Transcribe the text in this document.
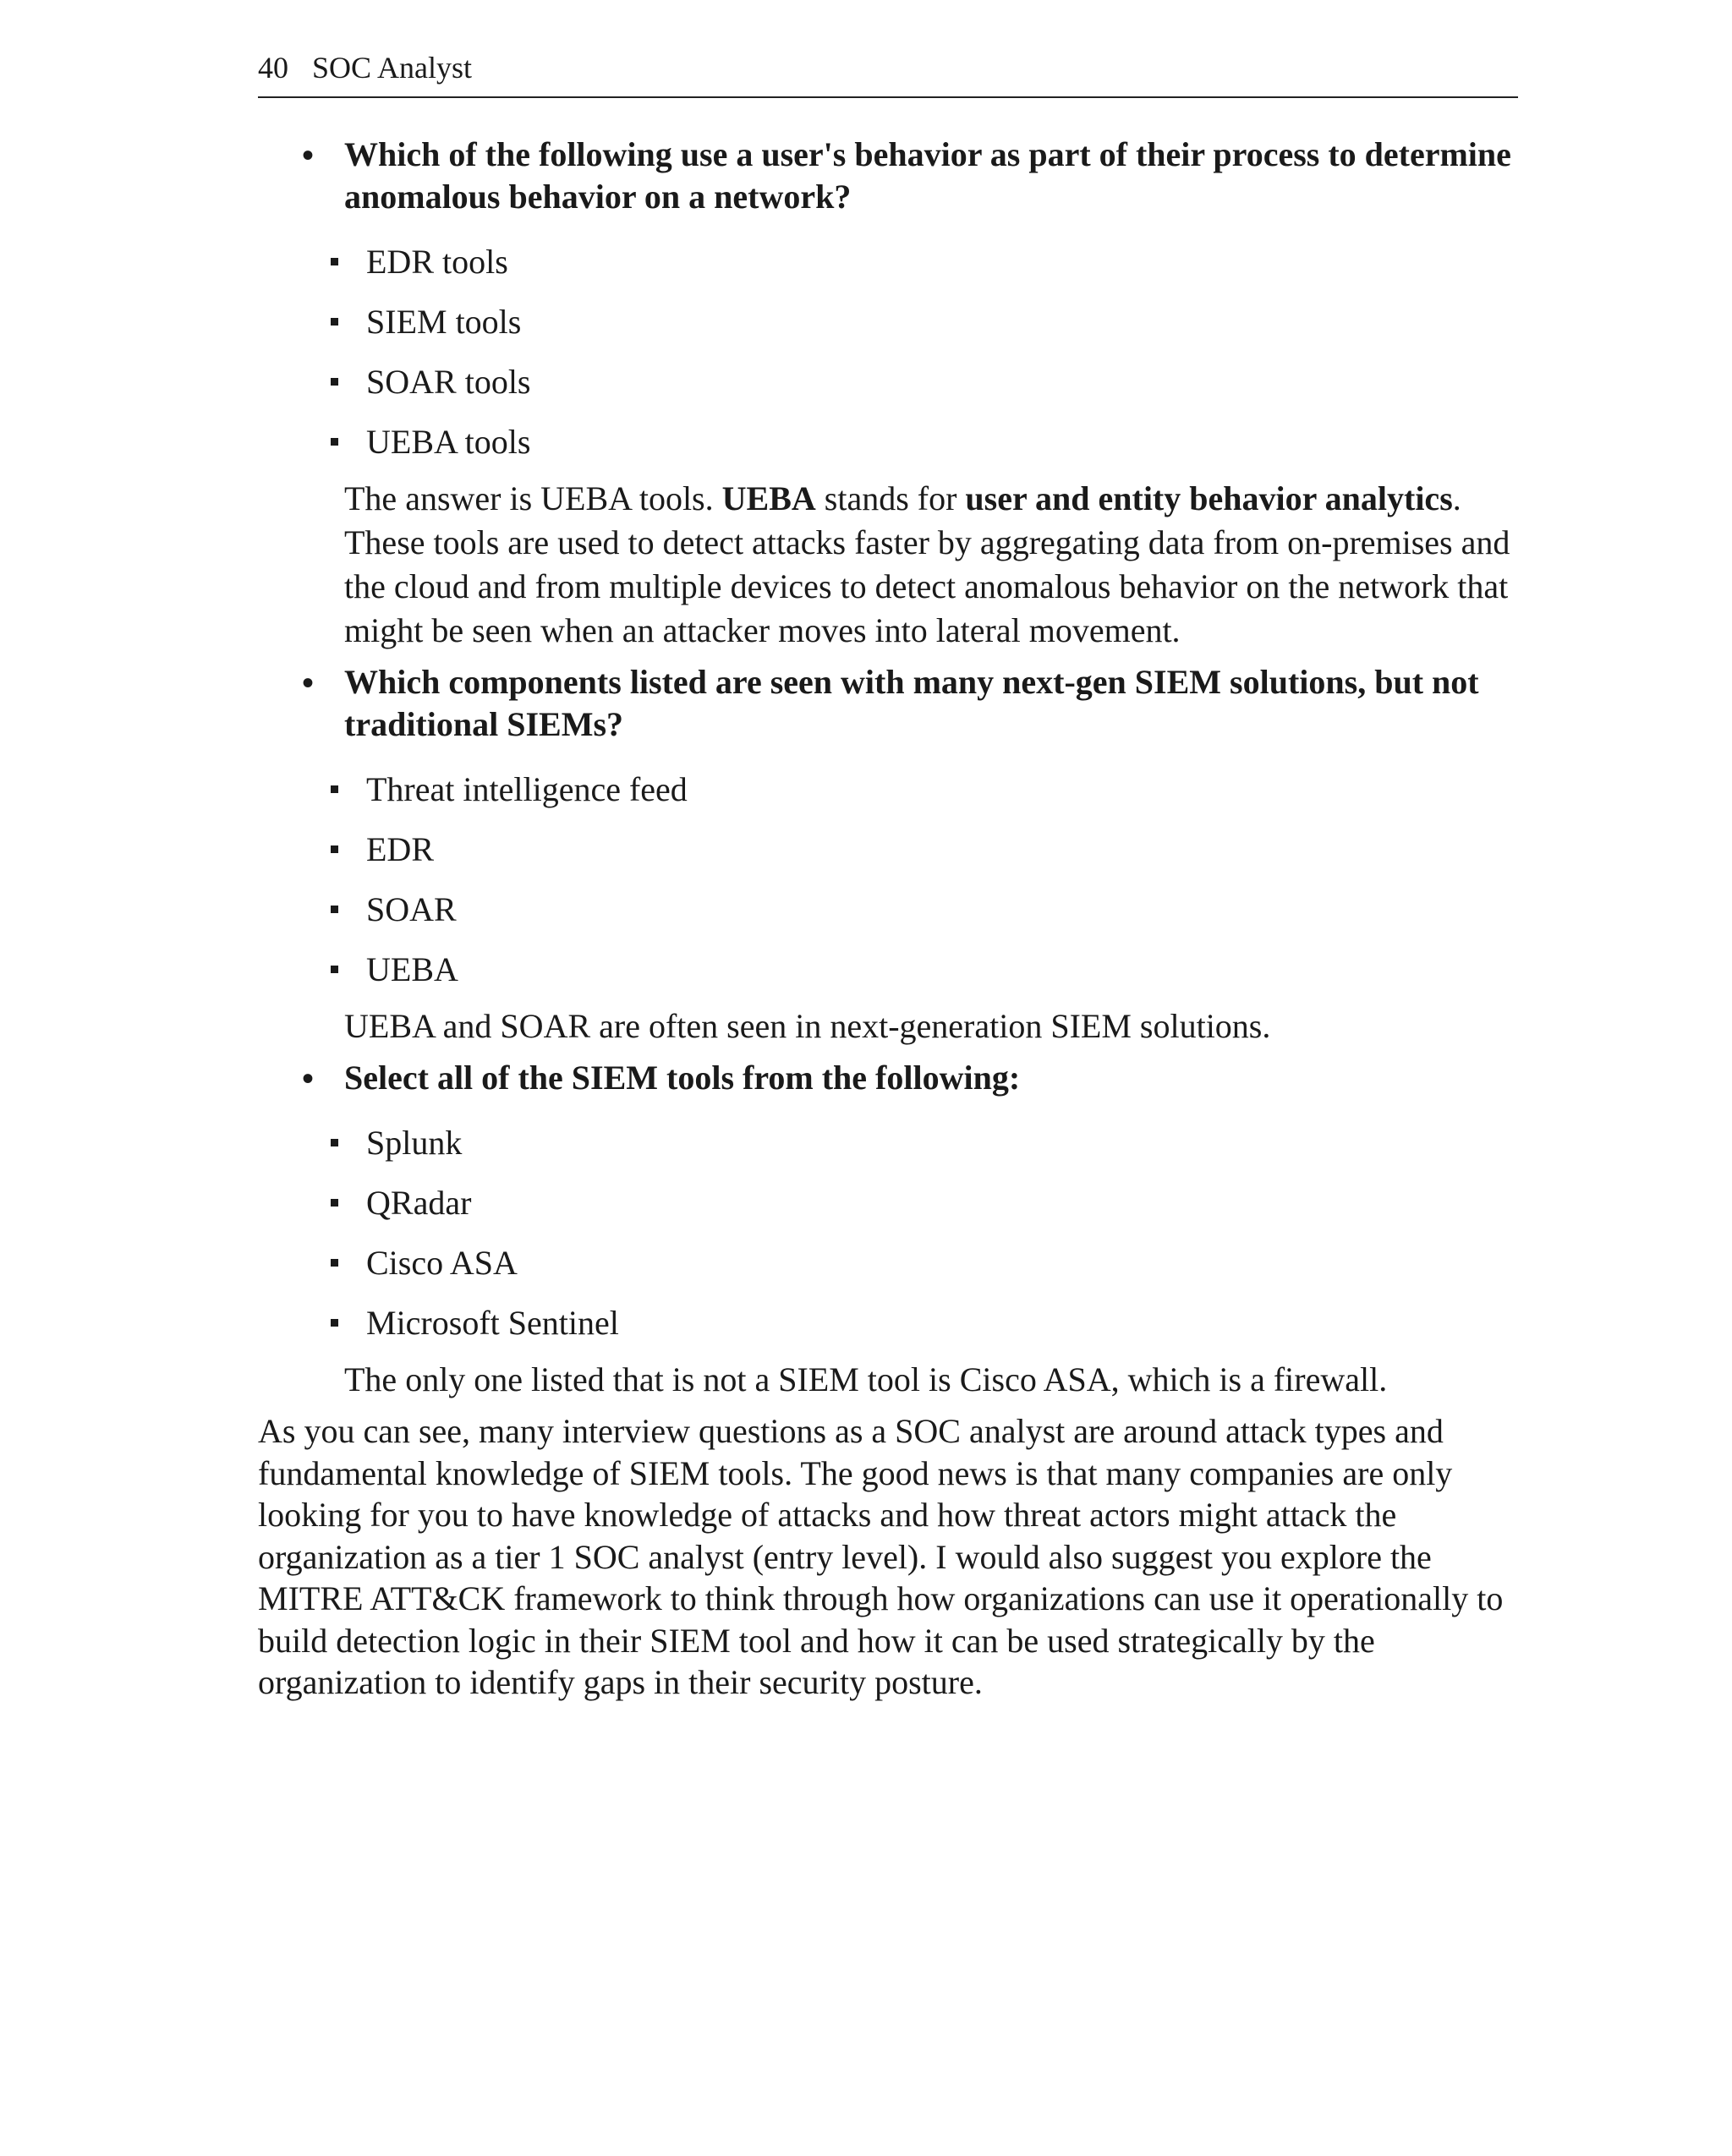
40 SOC Analyst
• Which of the following use a user's behavior as part of their process to determine anomalous behavior on a network?
EDR tools
SIEM tools
SOAR tools
UEBA tools
The answer is UEBA tools. UEBA stands for user and entity behavior analytics. These tools are used to detect attacks faster by aggregating data from on-premises and the cloud and from multiple devices to detect anomalous behavior on the network that might be seen when an attacker moves into lateral movement.
• Which components listed are seen with many next-gen SIEM solutions, but not traditional SIEMs?
Threat intelligence feed
EDR
SOAR
UEBA
UEBA and SOAR are often seen in next-generation SIEM solutions.
• Select all of the SIEM tools from the following:
Splunk
QRadar
Cisco ASA
Microsoft Sentinel
The only one listed that is not a SIEM tool is Cisco ASA, which is a firewall.

As you can see, many interview questions as a SOC analyst are around attack types and fundamental knowledge of SIEM tools. The good news is that many companies are only looking for you to have knowledge of attacks and how threat actors might attack the organization as a tier 1 SOC analyst (entry level). I would also suggest you explore the MITRE ATT&CK framework to think through how organizations can use it operationally to build detection logic in their SIEM tool and how it can be used strategically by the organization to identify gaps in their security posture.
